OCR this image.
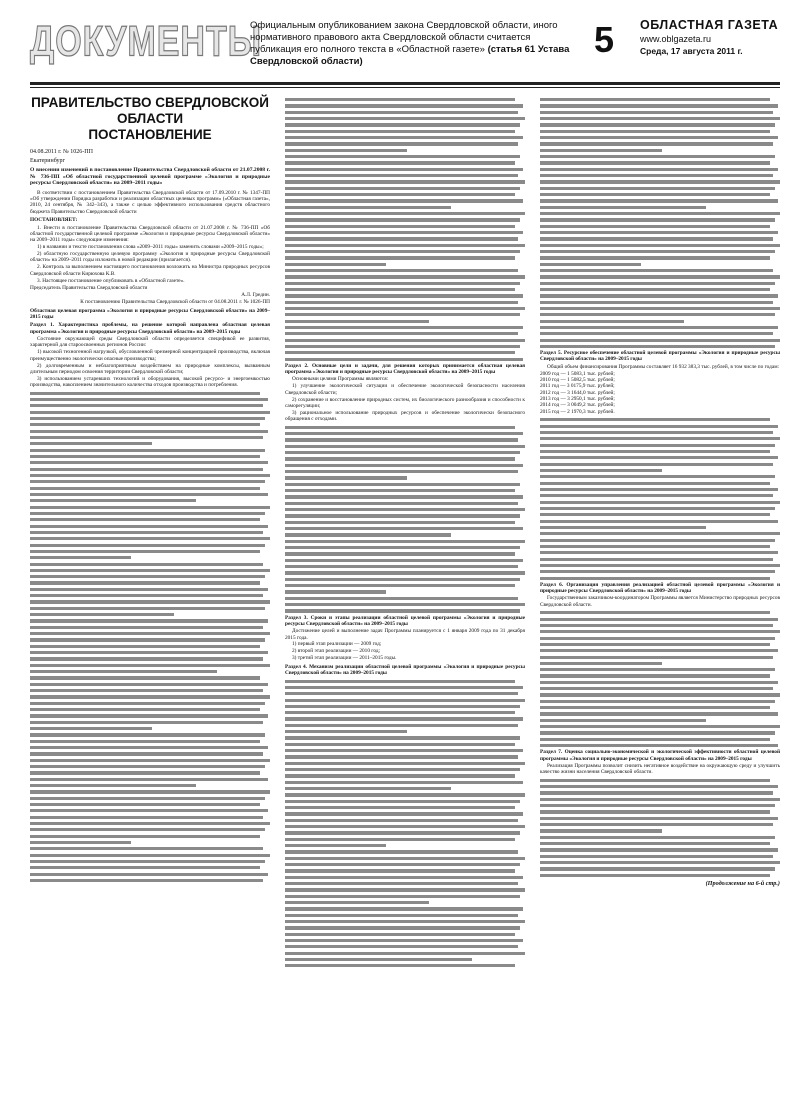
ДОКУМЕНТЫ
Официальным опубликованием закона Свердловской области, иного нормативного правового акта Свердловской области считается публикация его полного текста в «Областной газете» (статья 61 Устава Свердловской области)
5	ОБЛАСТНАЯ ГАЗЕТА
www.oblgazeta.ru
Среда, 17 августа 2011 г.
ПРАВИТЕЛЬСТВО СВЕРДЛОВСКОЙ ОБЛАСТИ
ПОСТАНОВЛЕНИЕ
04.08.2011 г. № 1026-ПП
Екатеринбург
О внесении изменений в постановление Правительства Свердловской области от 21.07.2008 г. № 736-ПП «Об областной государственной целевой программе «Экология и природные ресурсы Свердловской области» на 2009–2011 годы»

В соответствии с постановлением Правительства Свердловской области от 17.09.2010 г. № 1347-ПП «Об утверждении Порядка разработки и реализации областных целевых программ» («Областная газета», 2010, 24 сентября, № 342–343), а также с целью эффективного использования средств областного бюджета Правительство Свердловской области

ПОСТАНОВЛЯЕТ:

1. Внести в постановление Правительства Свердловской области от 21.07.2008 г. № 736-ПП «Об областной государственной целевой программе «Экология и природные ресурсы Свердловской области» на 2009–2011 годы» следующие изменения:

1) в названии и тексте постановления слова «2009–2011 годы» заменить словами «2009–2015 годы»;

2) областную государственную целевую программу «Экология и природные ресурсы Свердловской области» на 2009–2011 годы изложить в новой редакции (прилагается).

2. Контроль за выполнением настоящего постановления возложить на Министра природных ресурсов Свердловской области Кирюхова К.В.

3. Настоящее постановление опубликовать в «Областной газете».

Председатель Правительства Свердловской области
А.Л. Гредин.
К постановлению Правительства Свердловской области от 04.08.2011 г. № 1026-ПП
Областная целевая программа «Экология и природные ресурсы Свердловской области» на 2009–2015 годы
Раздел 1. Характеристика проблемы, на решение которой направлена областная целевая программа «Экология и природные ресурсы Свердловской области» на 2009–2015 годы

Состояние окружающей среды Свердловской области определяется спецификой ее развития, характерной для староосвоенных регионов России:

1) высокой техногенной нагрузкой, обусловленной чрезмерной концентрацией производства, включая преимущественно экологически опасные производства;

2) долговременным и неблагоприятным воздействием на природные комплексы, вызванным длительным периодом освоения территории Свердловской области;

3) использованием устаревших технологий и оборудования, высокой ресурсо- и энергоемкостью производства, накоплением значительного количества отходов производства и потребления.

Раздел 2. Основные цели и задачи, для решения которых принимается областная целевая программа «Экология и природные ресурсы Свердловской области» на 2009–2015 годы

Основными целями Программы являются:

1) улучшение экологической ситуации и обеспечение экологической безопасности населения Свердловской области;

2) сохранение и восстановление природных систем, их биологического разнообразия и способности к саморегуляции;

3) рациональное использование природных ресурсов и обеспечение экологически безопасного обращения с отходами.

Раздел 3. Сроки и этапы реализации областной целевой программы «Экология и природные ресурсы Свердловской области» на 2009–2015 годы

Достижение целей и выполнение задач Программы планируется с 1 января 2009 года по 31 декабря 2015 года.

1) первый этап реализации — 2009 год;

2) второй этап реализации — 2010 год;

3) третий этап реализации — 2011–2015 годы.

Раздел 4. Механизм реализации областной целевой программы «Экология и природные ресурсы Свердловской области» на 2009–2015 годы
Раздел 5. Ресурсное обеспечение областной целевой программы «Экология и природные ресурсы Свердловской области» на 2009–2015 годы

Общий объем финансирования Программы составляет 16 932 383,3 тыс. рублей, в том числе по годам:

2009 год — 1 5083,1 тыс. рублей;
2010 год — 1 5082,5 тыс. рублей;
2011 год — 3 0175,9 тыс. рублей;
2012 год — 3 1644,0 тыс. рублей;
2013 год — 3 2950,1 тыс. рублей;
2014 год — 3 0049,2 тыс. рублей;
2015 год — 2 1970,3 тыс. рублей.
Раздел 6. Организация управления реализацией областной целевой программы «Экология и природные ресурсы Свердловской области» на 2009–2015 годы

Государственным заказчиком-координатором Программы является Министерство природных ресурсов Свердловской области.

Раздел 7. Оценка социально-экономической и экологической эффективности областной целевой программы «Экология и природные ресурсы Свердловской области» на 2009–2015 годы

Реализация Программы позволит снизить негативное воздействие на окружающую среду и улучшить качество жизни населения Свердловской области.

(Продолжение на 6-й стр.)
